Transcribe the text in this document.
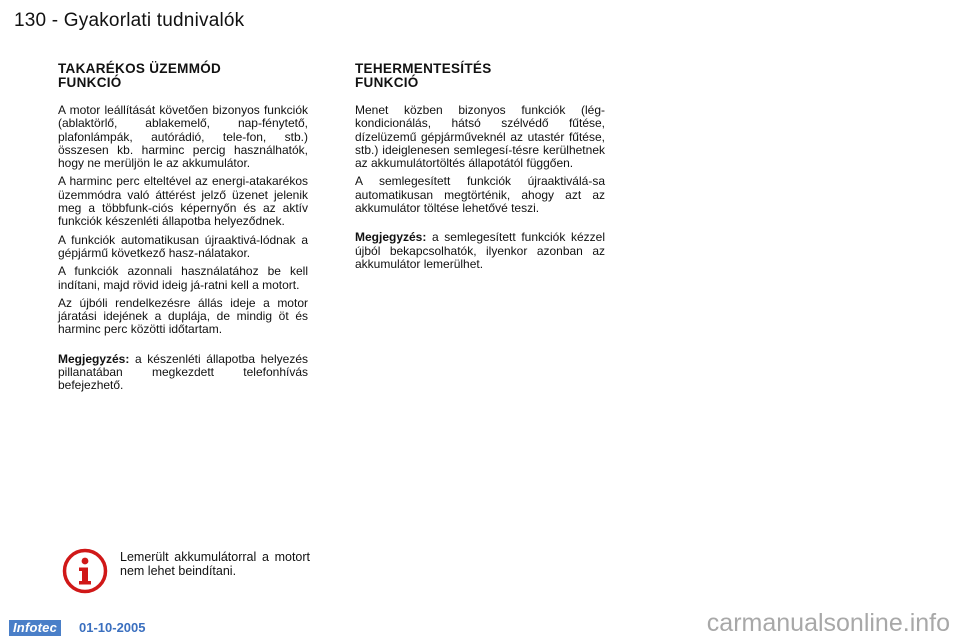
130 - Gyakorlati tudnivalók
TAKARÉKOS ÜZEMMÓD
FUNKCIÓ

A motor leállítását követően bizonyos funkciók (ablaktörlő, ablakemelő, nap-fénytető, plafonlámpák, autórádió, tele-fon, stb.) összesen kb. harminc percig használhatók, hogy ne merüljön le az akkumulátor.

A harminc perc elteltével az energi-atakarékos üzemmódra való áttérést jelző üzenet jelenik meg a többfunk-ciós képernyőn és az aktív funkciók készenléti állapotba helyeződnek.

A funkciók automatikusan újraaktivá-lódnak a gépjármű következő hasz-nálatakor.

A funkciók azonnali használatához be kell indítani, majd rövid ideig já-ratni kell a motort.

Az újbóli rendelkezésre állás ideje a motor járatási idejének a duplája, de mindig öt és harminc perc közötti időtartam.

Megjegyzés: a készenléti állapotba helyezés pillanatában megkezdett telefonhívás befejezhető.

TEHERMENTESÍTÉS
FUNKCIÓ

Menet közben bizonyos funkciók (lég-kondicionálás, hátsó szélvédő fűtése, dízelüzemű gépjárműveknél az utastér fűtése, stb.) ideiglenesen semlegesí-tésre kerülhetnek az akkumulátortöltés állapotától függően.

A semlegesített funkciók újraaktiválá-sa automatikusan megtörténik, ahogy azt az akkumulátor töltése lehetővé teszi.

Megjegyzés: a semlegesített funkciók kézzel újból bekapcsolhatók, ilyenkor azonban az akkumulátor lemerülhet.

Lemerült akkumulátorral a motort nem lehet beindítani.
Infotec	01-10-2005	carmanualsonline.info
